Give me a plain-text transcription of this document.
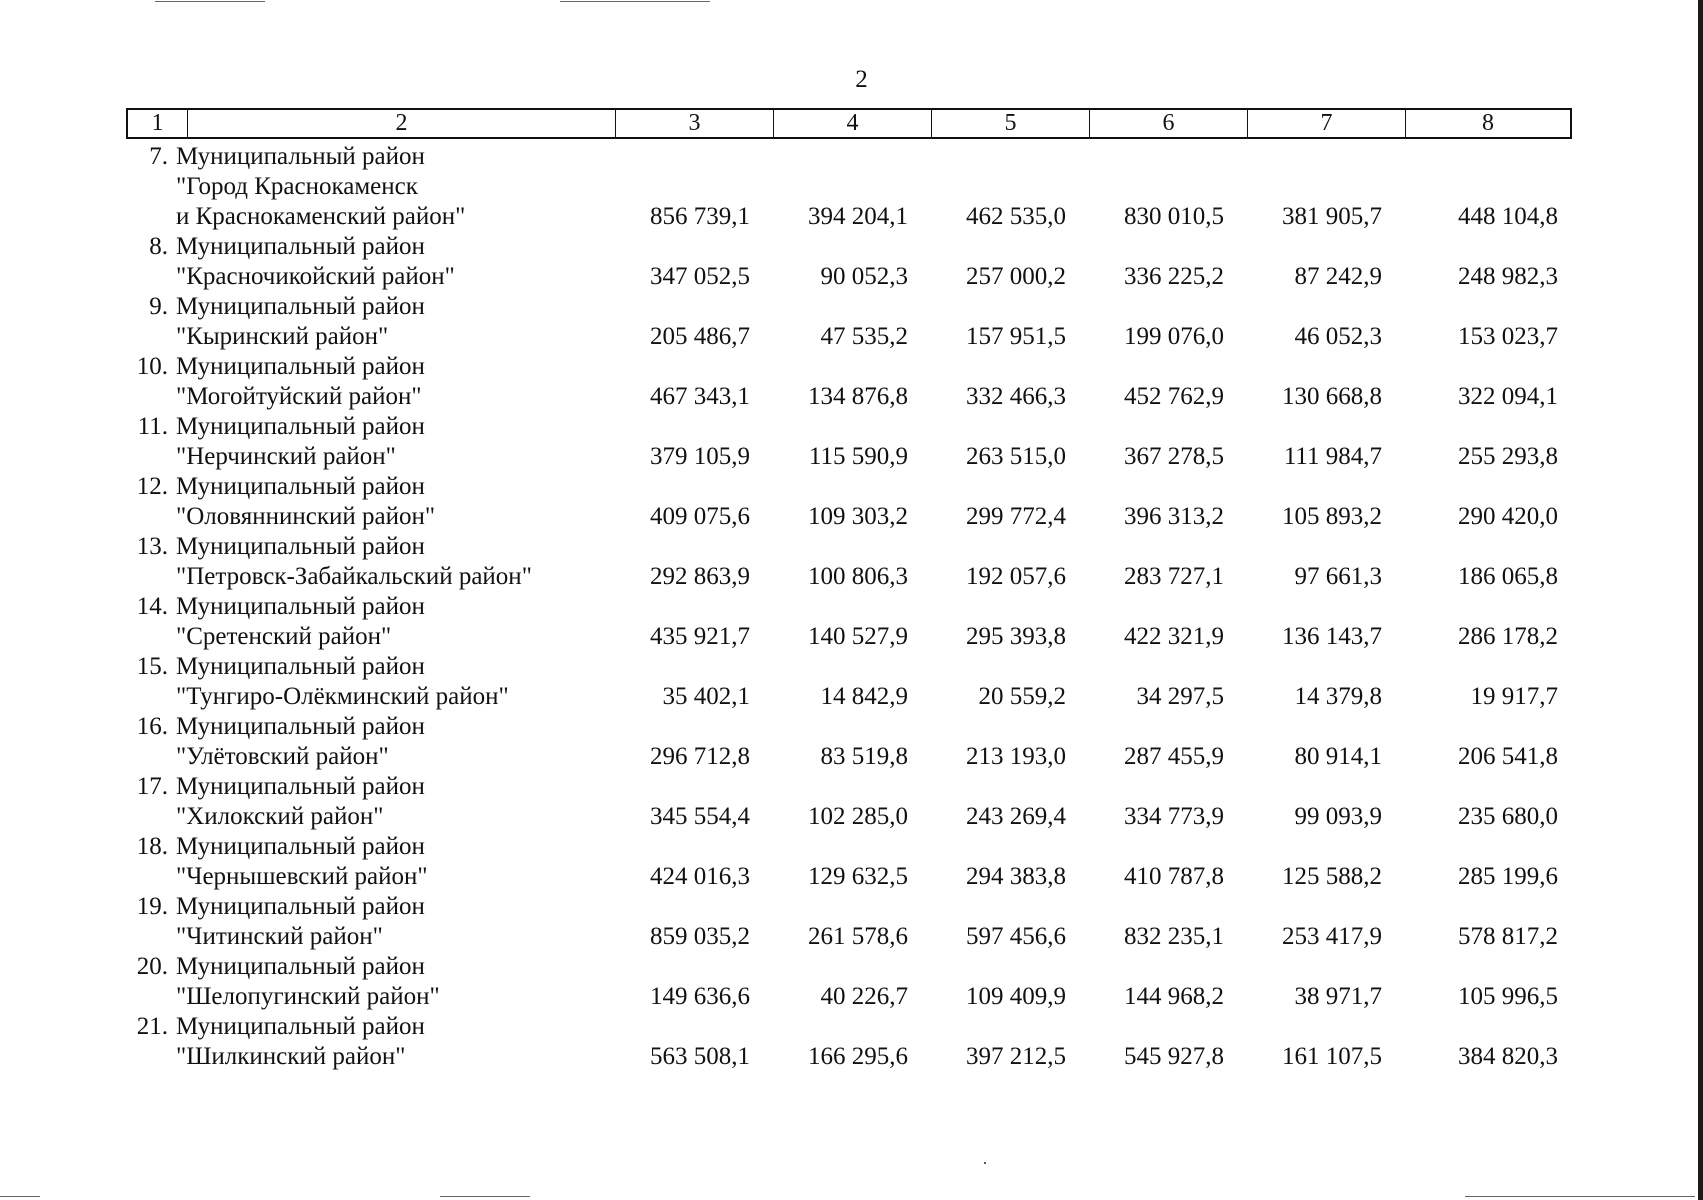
2
1	2	3	4	5	6	7	8
7. Муниципальный район
"Город Краснокаменск
и Краснокаменский район"	856 739,1	394 204,1	462 535,0	830 010,5	381 905,7	448 104,8
8. Муниципальный район
"Красночикойский район"	347 052,5	90 052,3	257 000,2	336 225,2	87 242,9	248 982,3
9. Муниципальный район
"Кыринский район"	205 486,7	47 535,2	157 951,5	199 076,0	46 052,3	153 023,7
10. Муниципальный район
"Могойтуйский район"	467 343,1	134 876,8	332 466,3	452 762,9	130 668,8	322 094,1
11. Муниципальный район
"Нерчинский район"	379 105,9	115 590,9	263 515,0	367 278,5	111 984,7	255 293,8
12. Муниципальный район
"Оловяннинский район"	409 075,6	109 303,2	299 772,4	396 313,2	105 893,2	290 420,0
13. Муниципальный район
"Петровск-Забайкальский район"	292 863,9	100 806,3	192 057,6	283 727,1	97 661,3	186 065,8
14. Муниципальный район
"Сретенский район"	435 921,7	140 527,9	295 393,8	422 321,9	136 143,7	286 178,2
15. Муниципальный район
"Тунгиро-Олёкминский район"	35 402,1	14 842,9	20 559,2	34 297,5	14 379,8	19 917,7
16. Муниципальный район
"Улётовский район"	296 712,8	83 519,8	213 193,0	287 455,9	80 914,1	206 541,8
17. Муниципальный район
"Хилокский район"	345 554,4	102 285,0	243 269,4	334 773,9	99 093,9	235 680,0
18. Муниципальный район
"Чернышевский район"	424 016,3	129 632,5	294 383,8	410 787,8	125 588,2	285 199,6
19. Муниципальный район
"Читинский район"	859 035,2	261 578,6	597 456,6	832 235,1	253 417,9	578 817,2
20. Муниципальный район
"Шелопугинский район"	149 636,6	40 226,7	109 409,9	144 968,2	38 971,7	105 996,5
21. Муниципальный район
"Шилкинский район"	563 508,1	166 295,6	397 212,5	545 927,8	161 107,5	384 820,3
